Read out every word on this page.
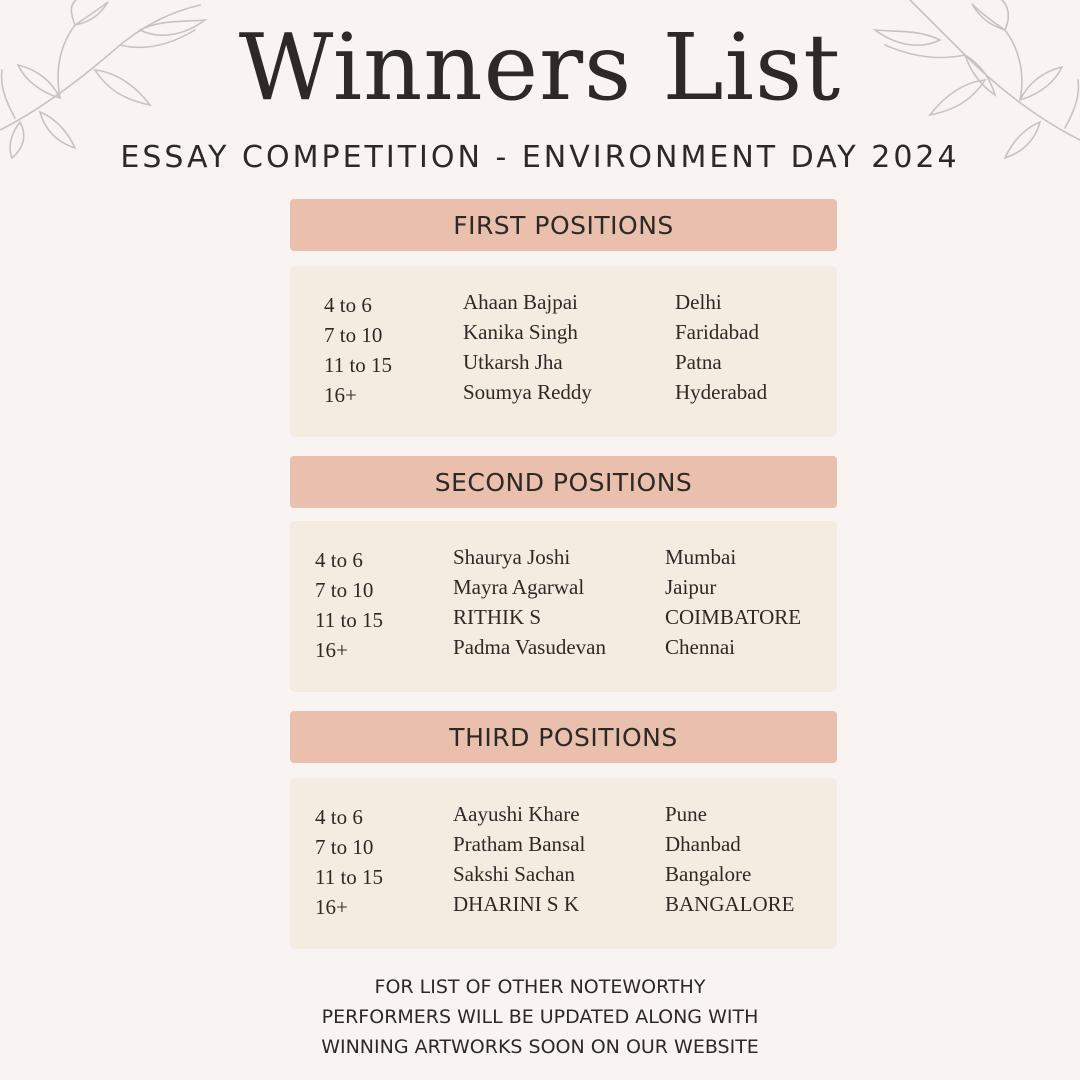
Winners List
ESSAY COMPETITION - ENVIRONMENT DAY 2024
FIRST POSITIONS
4 to 6	Ahaan Bajpai	Delhi
7 to 10	Kanika Singh	Faridabad
11 to 15	Utkarsh Jha	Patna
16+	Soumya Reddy	Hyderabad
SECOND POSITIONS
4 to 6	Shaurya Joshi	Mumbai
7 to 10	Mayra Agarwal	Jaipur
11 to 15	RITHIK S	COIMBATORE
16+	Padma Vasudevan	Chennai
THIRD POSITIONS
4 to 6	Aayushi Khare	Pune
7 to 10	Pratham Bansal	Dhanbad
11 to 15	Sakshi Sachan	Bangalore
16+	DHARINI S K	BANGALORE
FOR LIST OF OTHER NOTEWORTHY
PERFORMERS WILL BE UPDATED ALONG WITH
WINNING ARTWORKS SOON ON OUR WEBSITE
